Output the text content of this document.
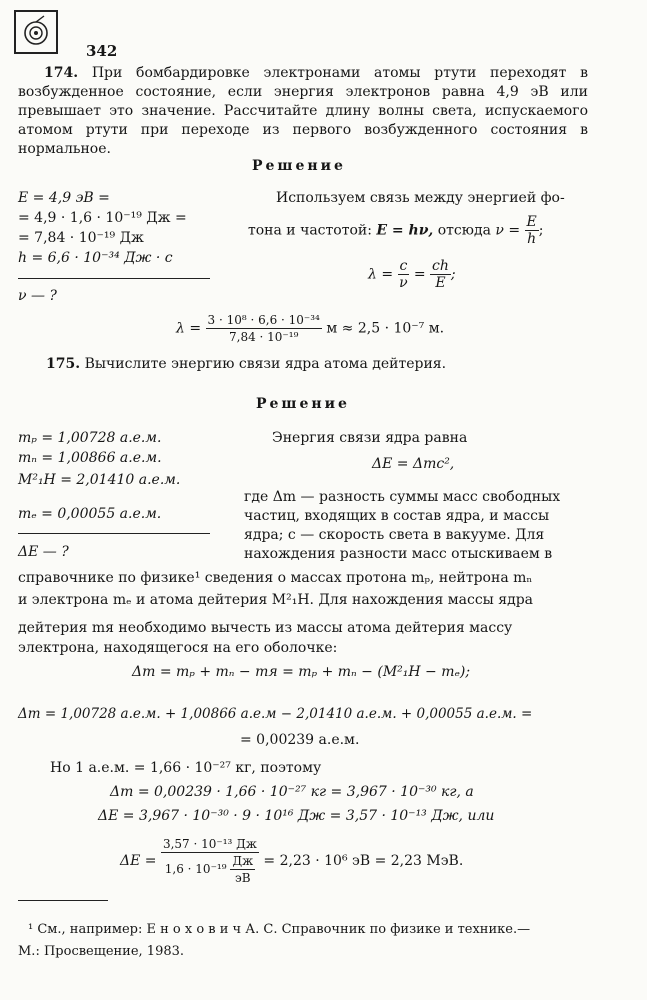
342
174. При бомбардировке электронами атомы ртути переходят в возбужденное состояние, если энергия электронов равна 4,9 эВ или превышает это значение. Рассчитайте длину волны света, испускаемого атомом ртути при переходе из первого возбужденного состояния в нормальное.
Решение
E = 4,9 эВ =
= 4,9 · 1,6 · 10⁻¹⁹ Дж =
= 7,84 · 10⁻¹⁹ Дж
h = 6,6 · 10⁻³⁴ Дж · с
ν — ?
Используем связь между энергией фо-
тона и частотой: E = hν, отсюда $\nu = \frac{E}{h}$ ;
$\lambda = \frac{c}{\nu} = \frac{ch}{E}$ ;
$\lambda = \frac{\text{3 · 10⁸ · 6,6 · 10⁻³⁴}}{\text{7,84 · 10⁻¹⁹}}$ м ≈ 2,5 · 10⁻⁷ м.
175. Вычислите энергию связи ядра атома дейтерия.
Решение
mₚ = 1,00728 а.е.м.
mₙ = 1,00866 а.е.м.
M²₁H = 2,01410 а.е.м.
mₑ = 0,00055 а.е.м.
ΔE — ?
Энергия связи ядра равна
ΔE = Δmc²,
где Δm — разность суммы масс свободных
частиц, входящих в состав ядра, и массы
ядра; c — скорость света в вакууме. Для
нахождения разности масс отыскиваем в
справочнике по физике¹ сведения о массах протона mₚ, нейтрона mₙ
и электрона mₑ и атома дейтерия M²₁H. Для нахождения массы ядра
дейтерия mя необходимо вычесть из массы атома дейтерия массу
электрона, находящегося на его оболочке:
Δm = mₚ + mₙ − mя = mₚ + mₙ − (M²₁H − mₑ);
Δm = 1,00728 а.е.м. + 1,00866 а.е.м − 2,01410 а.е.м. + 0,00055 а.е.м. =
= 0,00239 а.е.м.
Но 1 а.е.м. = 1,66 · 10⁻²⁷ кг, поэтому
Δm = 0,00239 · 1,66 · 10⁻²⁷ кг = 3,967 · 10⁻³⁰ кг, а
ΔE = 3,967 · 10⁻³⁰ · 9 · 10¹⁶ Дж = 3,57 · 10⁻¹³ Дж, или
$\Delta E = \frac{\text{3,57 · 10⁻¹³ Дж}}{1,6 \cdot 10^{-19} \frac{Дж}{эВ}} = 2,23 \cdot 10^6$ эВ = 2,23 МэВ.
¹ См., например: Е н о х о в и ч А. С. Справочник по физике и технике.—
М.: Просвещение, 1983.
